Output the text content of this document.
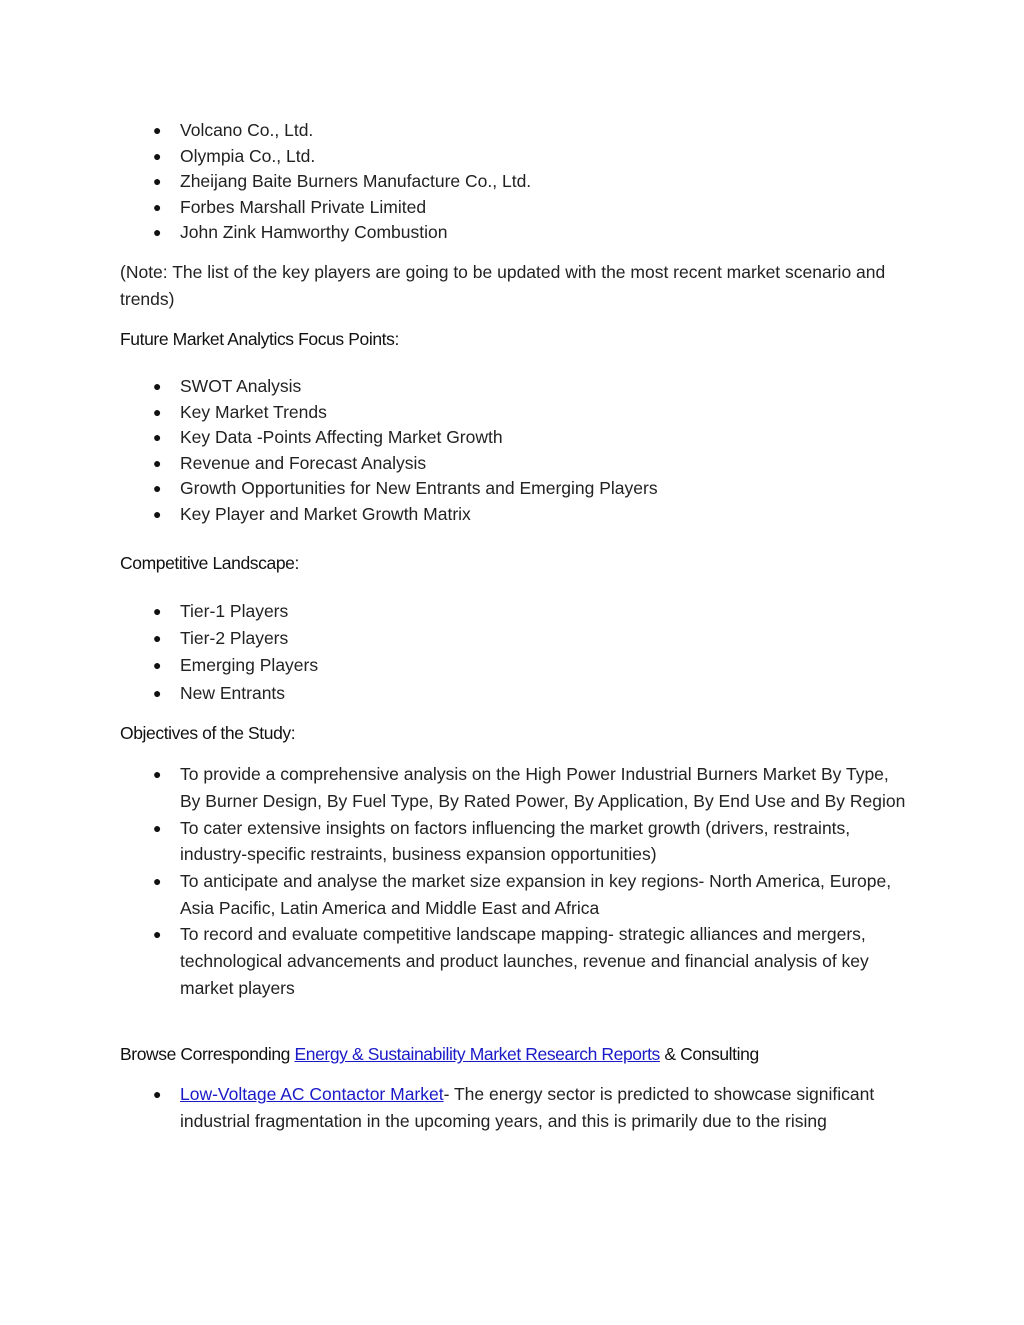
● Volcano Co., Ltd.
● Olympia Co., Ltd.
● Zheijang Baite Burners Manufacture Co., Ltd.
● Forbes Marshall Private Limited
● John Zink Hamworthy Combustion

(Note: The list of the key players are going to be updated with the most recent market scenario and trends)

Future Market Analytics Focus Points:
● SWOT Analysis
● Key Market Trends
● Key Data -Points Affecting Market Growth
● Revenue and Forecast Analysis
● Growth Opportunities for New Entrants and Emerging Players
● Key Player and Market Growth Matrix
Competitive Landscape:
● Tier-1 Players
● Tier-2 Players
● Emerging Players
● New Entrants
Objectives of the Study:
● To provide a comprehensive analysis on the High Power Industrial Burners Market By Type, By Burner Design, By Fuel Type, By Rated Power, By Application, By End Use and By Region
● To cater extensive insights on factors influencing the market growth (drivers, restraints, industry-specific restraints, business expansion opportunities)
● To anticipate and analyse the market size expansion in key regions- North America, Europe, Asia Pacific, Latin America and Middle East and Africa
● To record and evaluate competitive landscape mapping- strategic alliances and mergers, technological advancements and product launches, revenue and financial analysis of key market players
Browse Corresponding Energy & Sustainability Market Research Reports & Consulting
● Low-Voltage AC Contactor Market- The energy sector is predicted to showcase significant industrial fragmentation in the upcoming years, and this is primarily due to the rising
